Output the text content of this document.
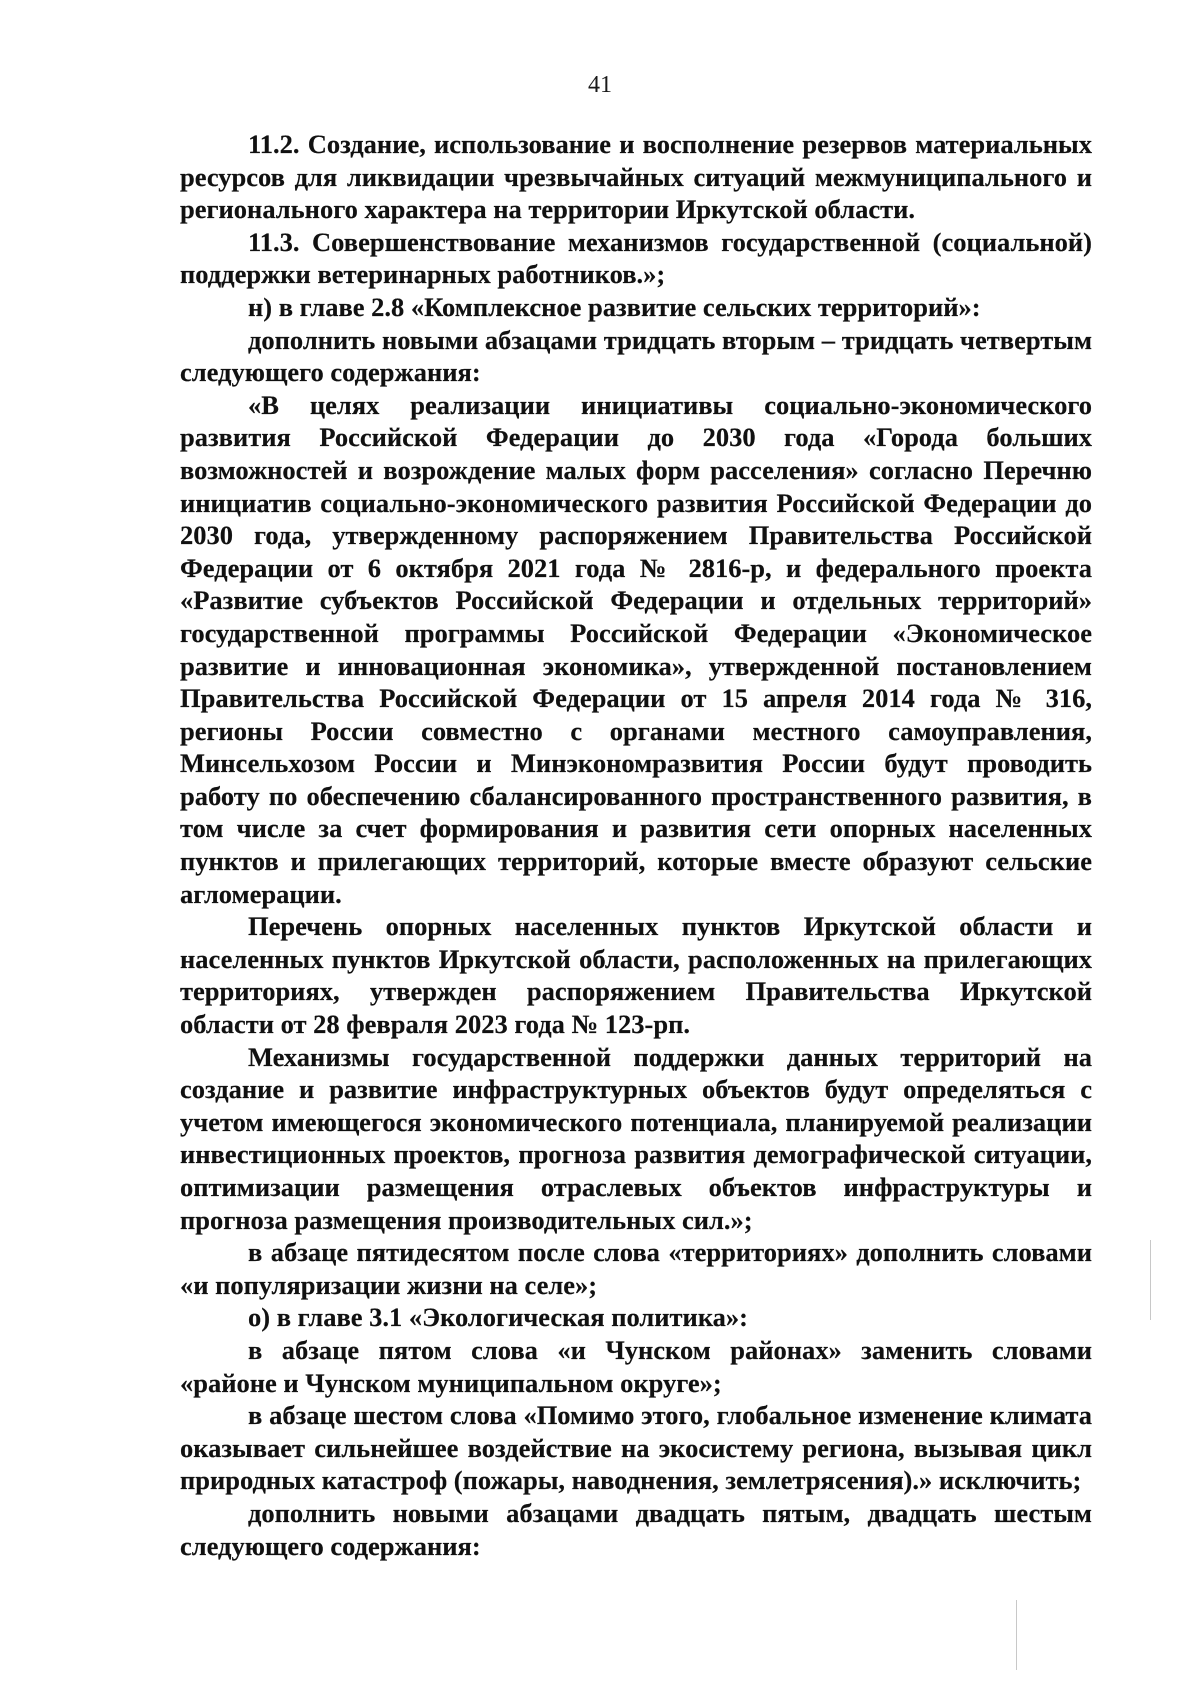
41

11.2. Создание, использование и восполнение резервов материальных ресурсов для ликвидации чрезвычайных ситуаций межмуниципального и регионального характера на территории Иркутской области.

11.3. Совершенствование механизмов государственной (социальной) поддержки ветеринарных работников.»;

н) в главе 2.8 «Комплексное развитие сельских территорий»:

дополнить новыми абзацами тридцать вторым – тридцать четвертым следующего содержания:

«В целях реализации инициативы социально-экономического развития Российской Федерации до 2030 года «Города больших возможностей и возрождение малых форм расселения» согласно Перечню инициатив социально-экономического развития Российской Федерации до 2030 года, утвержденному распоряжением Правительства Российской Федерации от 6 октября 2021 года № 2816-р, и федерального проекта «Развитие субъектов Российской Федерации и отдельных территорий» государственной программы Российской Федерации «Экономическое развитие и инновационная экономика», утвержденной постановлением Правительства Российской Федерации от 15 апреля 2014 года № 316, регионы России совместно с органами местного самоуправления, Минсельхозом России и Минэкономразвития России будут проводить работу по обеспечению сбалансированного пространственного развития, в том числе за счет формирования и развития сети опорных населенных пунктов и прилегающих территорий, которые вместе образуют сельские агломерации.

Перечень опорных населенных пунктов Иркутской области и населенных пунктов Иркутской области, расположенных на прилегающих территориях, утвержден распоряжением Правительства Иркутской области от 28 февраля 2023 года № 123-рп.

Механизмы государственной поддержки данных территорий на создание и развитие инфраструктурных объектов будут определяться с учетом имеющегося экономического потенциала, планируемой реализации инвестиционных проектов, прогноза развития демографической ситуации, оптимизации размещения отраслевых объектов инфраструктуры и прогноза размещения производительных сил.»;

в абзаце пятидесятом после слова «территориях» дополнить словами «и популяризации жизни на селе»;

о) в главе 3.1 «Экологическая политика»:

в абзаце пятом слова «и Чунском районах» заменить словами «районе и Чунском муниципальном округе»;

в абзаце шестом слова «Помимо этого, глобальное изменение климата оказывает сильнейшее воздействие на экосистему региона, вызывая цикл природных катастроф (пожары, наводнения, землетрясения).» исключить;

дополнить новыми абзацами двадцать пятым, двадцать шестым следующего содержания:
